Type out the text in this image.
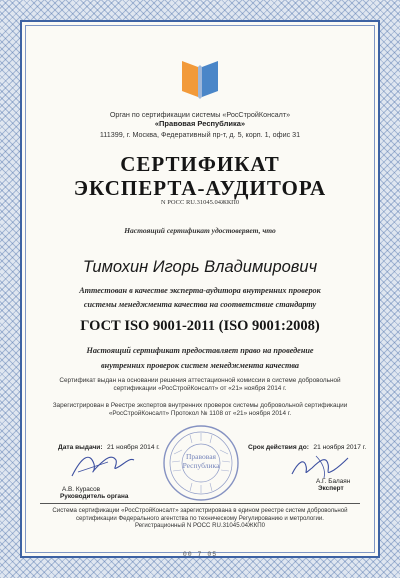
Орган по сертификации системы «РосСтройКонсалт»
«Правовая Республика»
111399, г. Москва, Федеративный пр-т, д. 5, корп. 1, офис 31
СЕРТИФИКАТ
ЭКСПЕРТА-АУДИТОРА
N РОСС RU.31045.04ЖКП0
Настоящий сертификат удостоверяет, что
Тимохин Игорь Владимирович
Аттестован в качестве эксперта-аудитора внутренних проверок
системы менеджмента качества на соответствие стандарту
ГОСТ ISO 9001-2011 (ISO 9001:2008)
Настоящий сертификат предоставляет право на проведение
внутренних проверок систем менеджмента качества
Сертификат выдан на основании решения аттестационной комиссии в системе добровольной
сертификации «РосСтройКонсалт» от «21» ноября 2014 г.
Зарегистрирован в Реестре экспертов внутренних проверок системы добровольной сертификации
«РосСтройКонсалт» Протокол № 1108 от «21» ноября 2014 г.
Дата выдачи: 21 ноября 2014 г.	Срок действия до: 21 ноября 2017 г.
Правовая Республика
А.В. Курасов
Руководитель органа
А.Г. Балаян
Эксперт
Система сертификации «РосСтройКонсалт» зарегистрирована в едином реестре систем добровольной
сертификации Федерального агентства по техническому Регулированию и метрологии.
Регистрационный N РОСС RU.31045.04ЖКП0
00 7 05
